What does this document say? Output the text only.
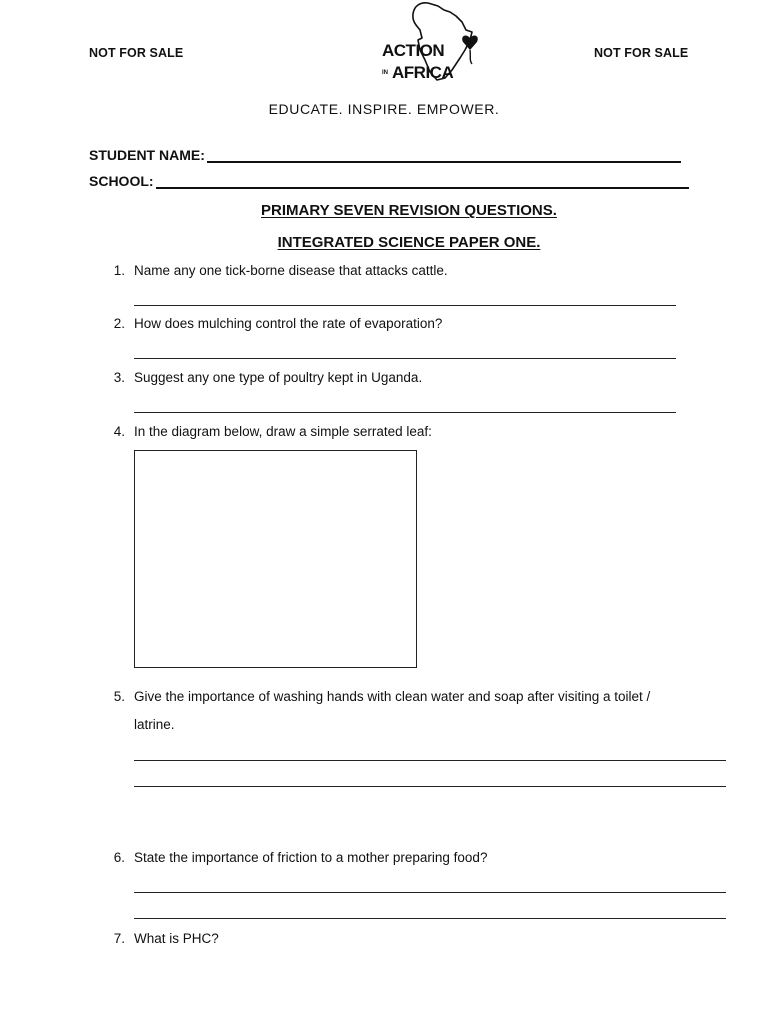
NOT FOR SALE	NOT FOR SALE
ACTION
IN AFRICA
EDUCATE. INSPIRE. EMPOWER.
STUDENT NAME:
SCHOOL:
PRIMARY SEVEN REVISION QUESTIONS.
INTEGRATED SCIENCE PAPER ONE.
1. Name any one tick-borne disease that attacks cattle.
2. How does mulching control the rate of evaporation?
3. Suggest any one type of poultry kept in Uganda.
4. In the diagram below, draw a simple serrated leaf:
5. Give the importance of washing hands with clean water and soap after visiting a toilet /
latrine.
6. State the importance of friction to a mother preparing food?
7. What is PHC?
